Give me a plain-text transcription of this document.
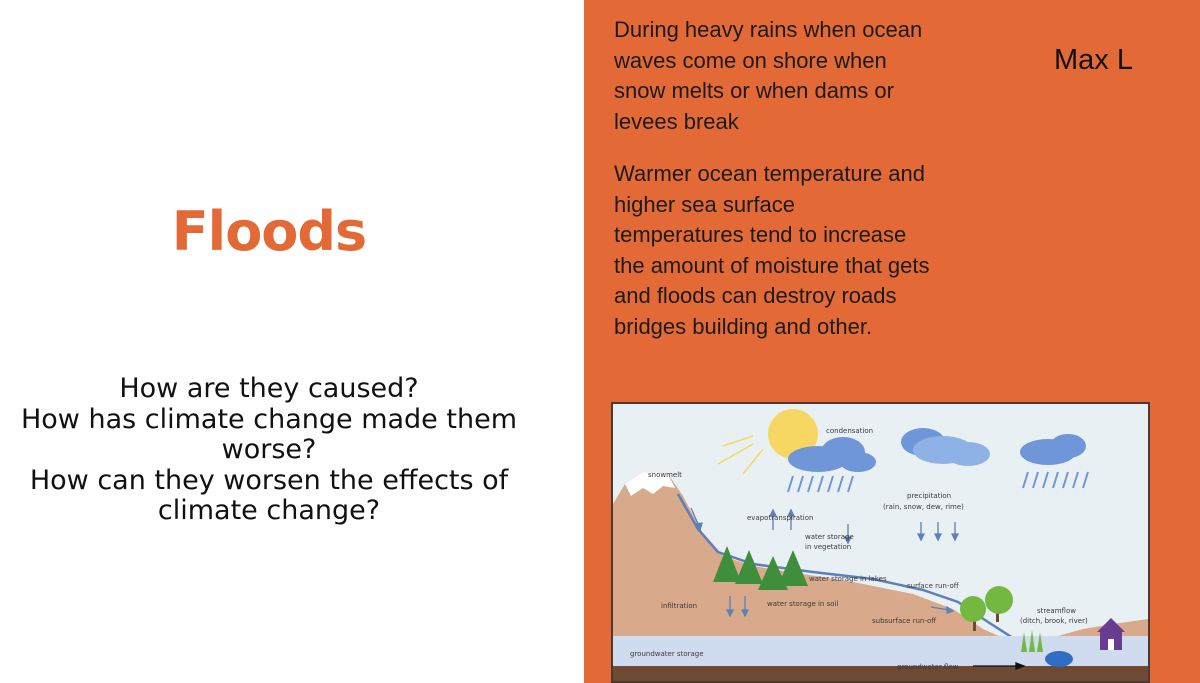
Floods
How are they caused?
How has climate change made them
worse?
How can they worsen the effects of
climate change?
During heavy rains when ocean
waves come on shore when
snow melts or when dams or
levees break
Warmer ocean temperature and
higher sea surface
temperatures tend to increase
the amount of moisture that gets
and floods can destroy roads
bridges building and other.
Max L
condensation
snowmelt
precipitation
(rain, snow, dew, rime)
evapotranspiration
water storage
in vegetation
water storage in lakes
surface run-off
infiltration	water storage in soil
subsurface run-off
streamflow
(ditch, brook, river)
groundwater storage
groundwater flow
